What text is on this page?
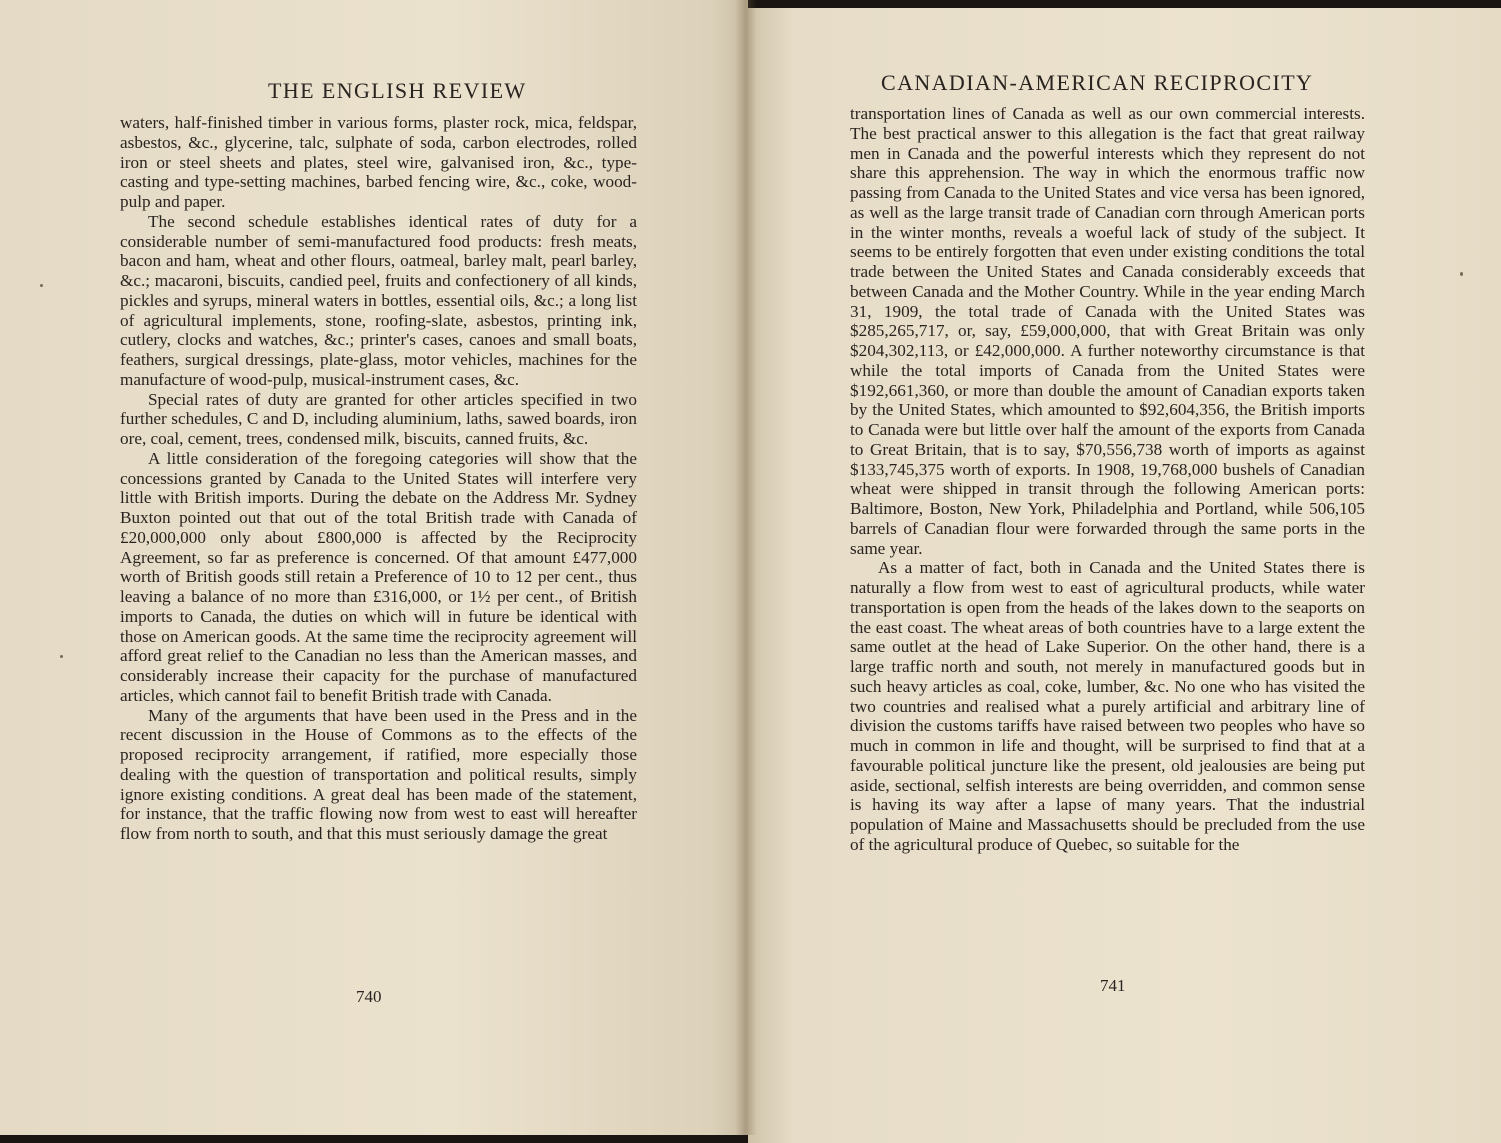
THE ENGLISH REVIEW

waters, half-finished timber in various forms, plaster rock, mica, feldspar, asbestos, &c., glycerine, talc, sulphate of soda, carbon electrodes, rolled iron or steel sheets and plates, steel wire, galvanised iron, &c., type-casting and type-setting machines, barbed fencing wire, &c., coke, wood-pulp and paper.

The second schedule establishes identical rates of duty for a considerable number of semi-manufactured food products: fresh meats, bacon and ham, wheat and other flours, oatmeal, barley malt, pearl barley, &c.; macaroni, biscuits, candied peel, fruits and confectionery of all kinds, pickles and syrups, mineral waters in bottles, essential oils, &c.; a long list of agricultural implements, stone, roofing-slate, asbestos, printing ink, cutlery, clocks and watches, &c.; printer's cases, canoes and small boats, feathers, surgical dressings, plate-glass, motor vehicles, machines for the manufacture of wood-pulp, musical-instrument cases, &c.

Special rates of duty are granted for other articles specified in two further schedules, C and D, including aluminium, laths, sawed boards, iron ore, coal, cement, trees, condensed milk, biscuits, canned fruits, &c.

A little consideration of the foregoing categories will show that the concessions granted by Canada to the United States will interfere very little with British imports. During the debate on the Address Mr. Sydney Buxton pointed out that out of the total British trade with Canada of £20,000,000 only about £800,000 is affected by the Reciprocity Agreement, so far as preference is concerned. Of that amount £477,000 worth of British goods still retain a Preference of 10 to 12 per cent., thus leaving a balance of no more than £316,000, or 1½ per cent., of British imports to Canada, the duties on which will in future be identical with those on American goods. At the same time the reciprocity agreement will afford great relief to the Canadian no less than the American masses, and considerably increase their capacity for the purchase of manufactured articles, which cannot fail to benefit British trade with Canada.

Many of the arguments that have been used in the Press and in the recent discussion in the House of Commons as to the effects of the proposed reciprocity arrangement, if ratified, more especially those dealing with the question of transportation and political results, simply ignore existing conditions. A great deal has been made of the statement, for instance, that the traffic flowing now from west to east will hereafter flow from north to south, and that this must seriously damage the great

740
CANADIAN-AMERICAN RECIPROCITY

transportation lines of Canada as well as our own commercial interests. The best practical answer to this allegation is the fact that great railway men in Canada and the powerful interests which they represent do not share this apprehension. The way in which the enormous traffic now passing from Canada to the United States and vice versa has been ignored, as well as the large transit trade of Canadian corn through American ports in the winter months, reveals a woeful lack of study of the subject. It seems to be entirely forgotten that even under existing conditions the total trade between the United States and Canada considerably exceeds that between Canada and the Mother Country. While in the year ending March 31, 1909, the total trade of Canada with the United States was $285,265,717, or, say, £59,000,000, that with Great Britain was only $204,302,113, or £42,000,000. A further noteworthy circumstance is that while the total imports of Canada from the United States were $192,661,360, or more than double the amount of Canadian exports taken by the United States, which amounted to $92,604,356, the British imports to Canada were but little over half the amount of the exports from Canada to Great Britain, that is to say, $70,556,738 worth of imports as against $133,745,375 worth of exports. In 1908, 19,768,000 bushels of Canadian wheat were shipped in transit through the following American ports: Baltimore, Boston, New York, Philadelphia and Portland, while 506,105 barrels of Canadian flour were forwarded through the same ports in the same year.

As a matter of fact, both in Canada and the United States there is naturally a flow from west to east of agricultural products, while water transportation is open from the heads of the lakes down to the seaports on the east coast. The wheat areas of both countries have to a large extent the same outlet at the head of Lake Superior. On the other hand, there is a large traffic north and south, not merely in manufactured goods but in such heavy articles as coal, coke, lumber, &c. No one who has visited the two countries and realised what a purely artificial and arbitrary line of division the customs tariffs have raised between two peoples who have so much in common in life and thought, will be surprised to find that at a favourable political juncture like the present, old jealousies are being put aside, sectional, selfish interests are being overridden, and common sense is having its way after a lapse of many years. That the industrial population of Maine and Massachusetts should be precluded from the use of the agricultural produce of Quebec, so suitable for the

741
